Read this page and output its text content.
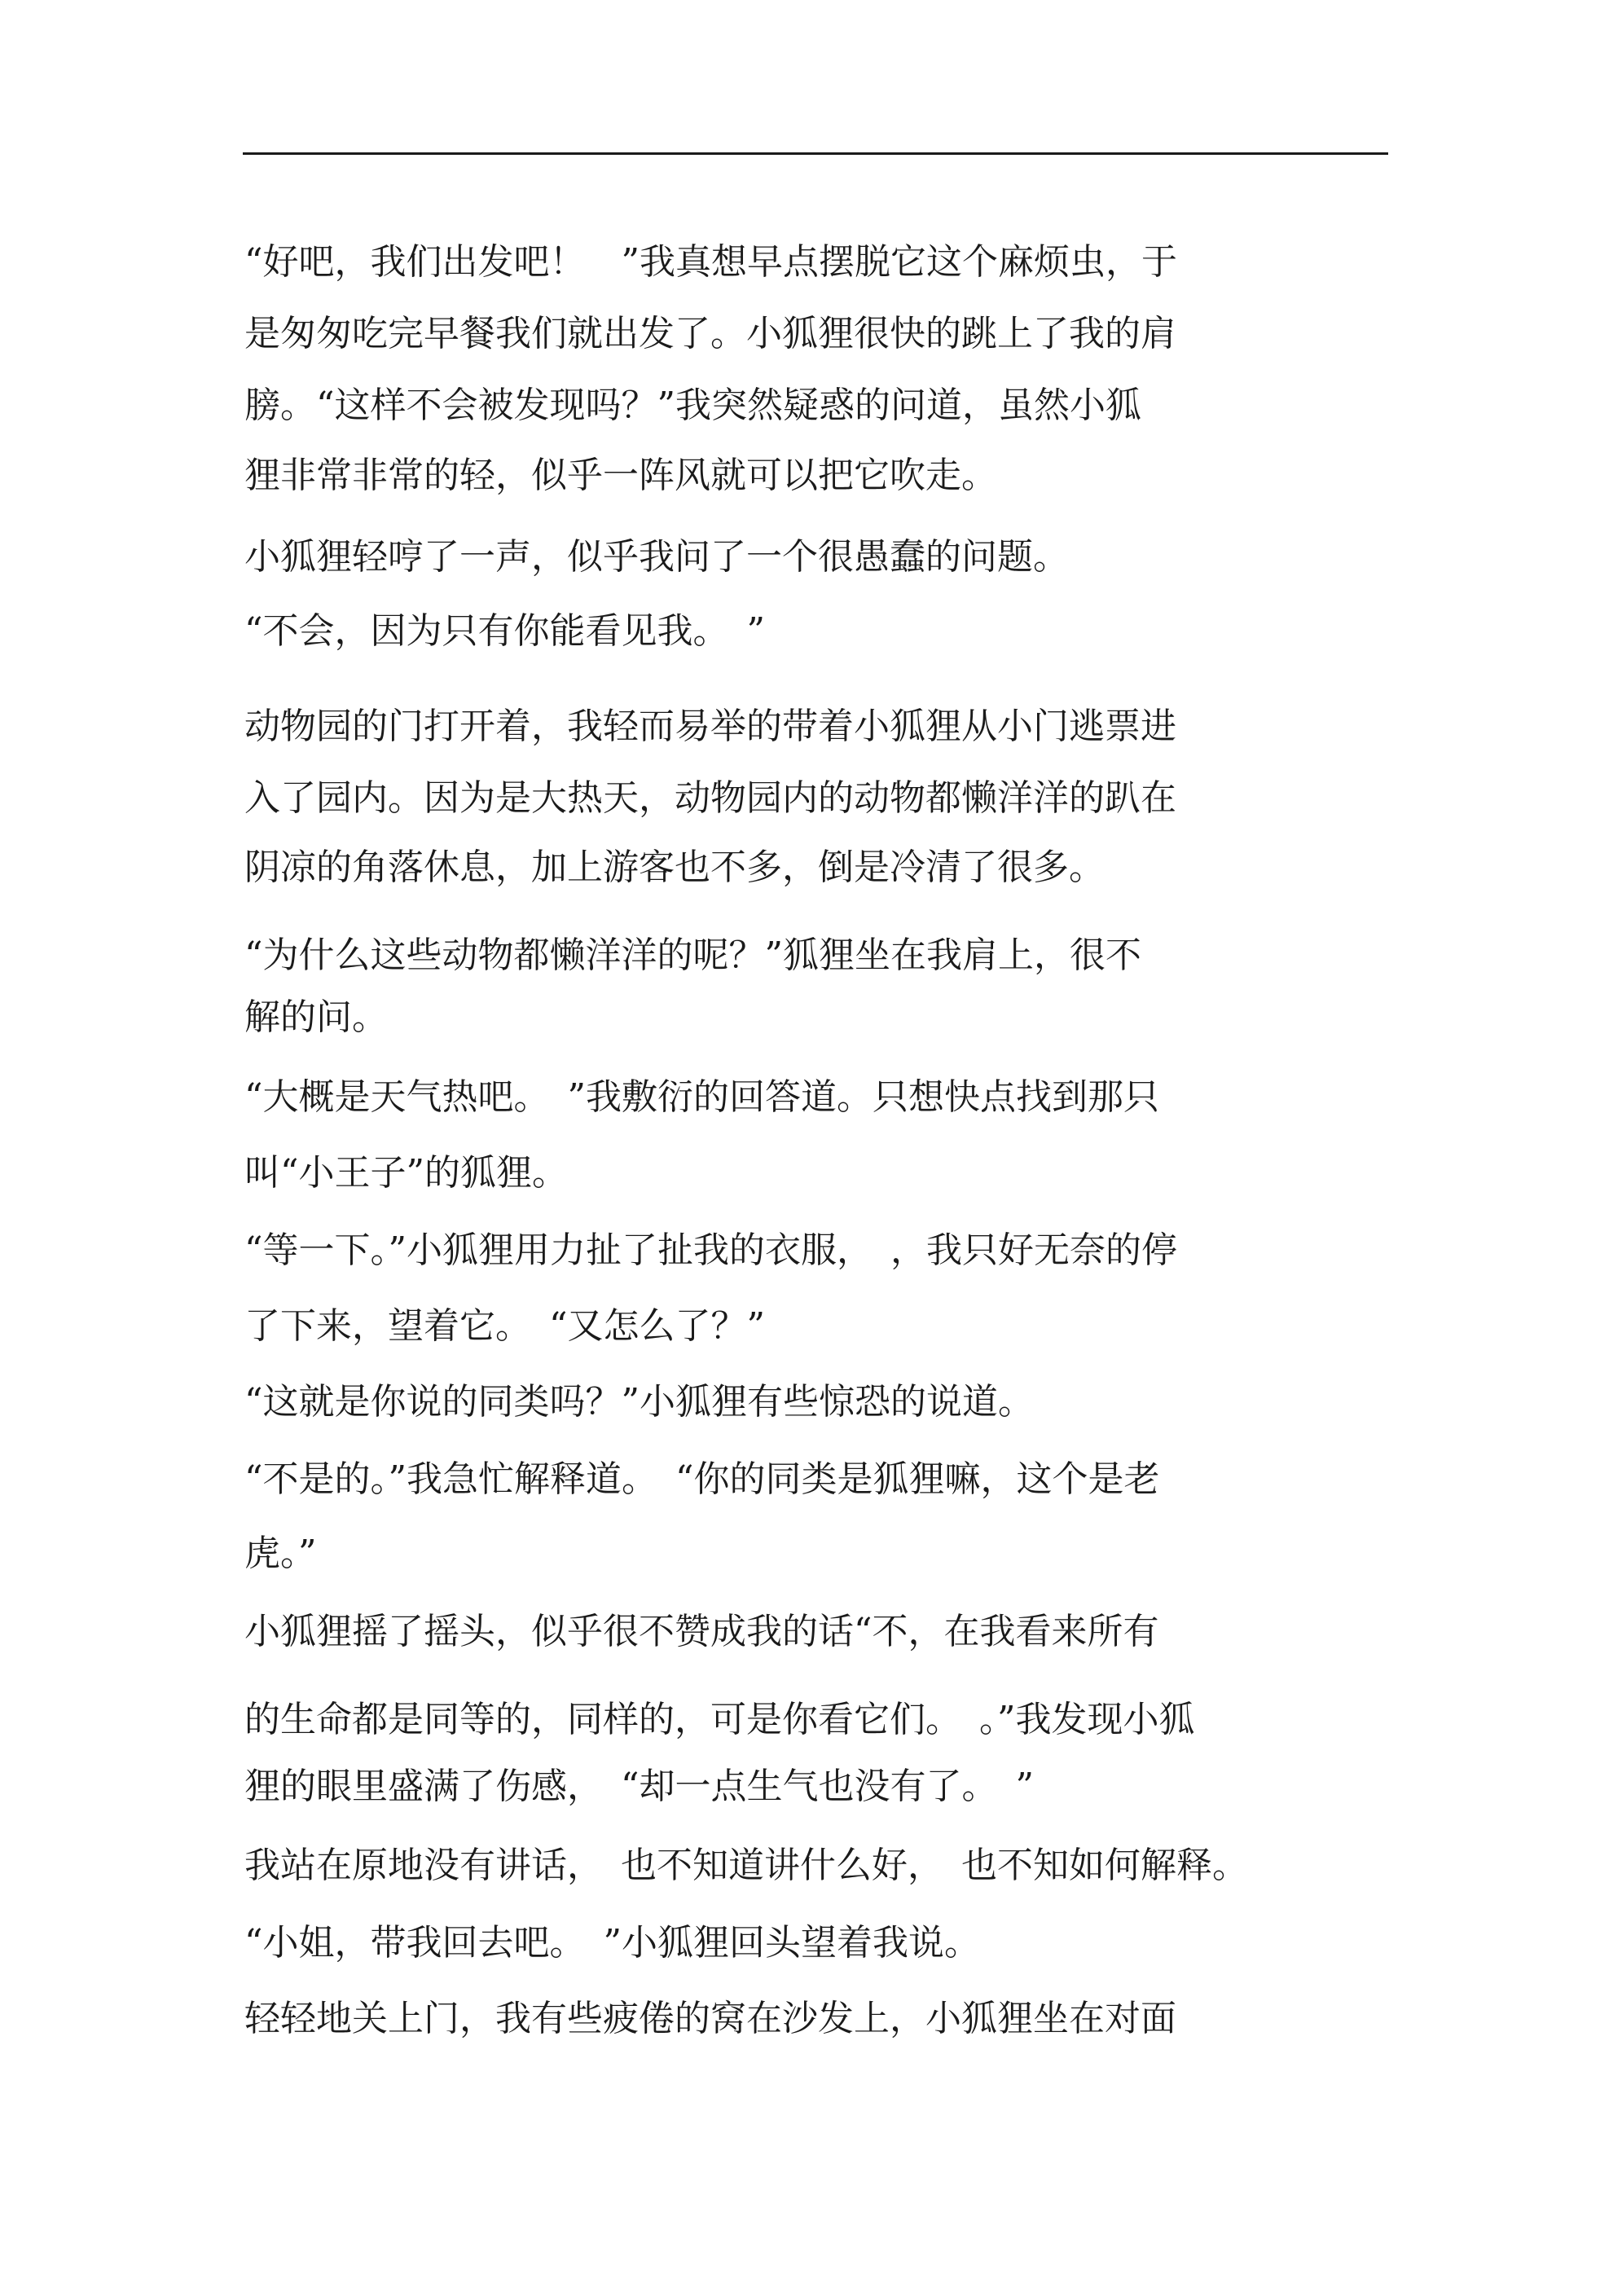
“好吧，我们出发吧！　”我真想早点摆脱它这个麻烦虫，于

是匆匆吃完早餐我们就出发了。小狐狸很快的跳上了我的肩

膀。“这样不会被发现吗？”我突然疑惑的问道，虽然小狐

狸非常非常的轻，似乎一阵风就可以把它吹走。

小狐狸轻哼了一声，似乎我问了一个很愚蠢的问题。

“不会，因为只有你能看见我。　”

动物园的门打开着，我轻而易举的带着小狐狸从小门逃票进

入了园内。因为是大热天，动物园内的动物都懒洋洋的趴在

阴凉的角落休息，加上游客也不多，倒是冷清了很多。

“为什么这些动物都懒洋洋的呢？”狐狸坐在我肩上，很不

解的问。

“大概是天气热吧。　”我敷衍的回答道。只想快点找到那只

叫“小王子”的狐狸。

“等一下。”小狐狸用力扯了扯我的衣服，　，我只好无奈的停

了下来，望着它。　“又怎么了？”

“这就是你说的同类吗？”小狐狸有些惊恐的说道。

“不是的。”我急忙解释道。　“你的同类是狐狸嘛，这个是老

虎。”

小狐狸摇了摇头，似乎很不赞成我的话“不，在我看来所有

的生命都是同等的，同样的，可是你看它们。　。”我发现小狐

狸的眼里盛满了伤感，　“却一点生气也没有了。　”

我站在原地没有讲话，　也不知道讲什么好，　也不知如何解释。

“小姐，带我回去吧。　”小狐狸回头望着我说。

轻轻地关上门，我有些疲倦的窝在沙发上，小狐狸坐在对面
